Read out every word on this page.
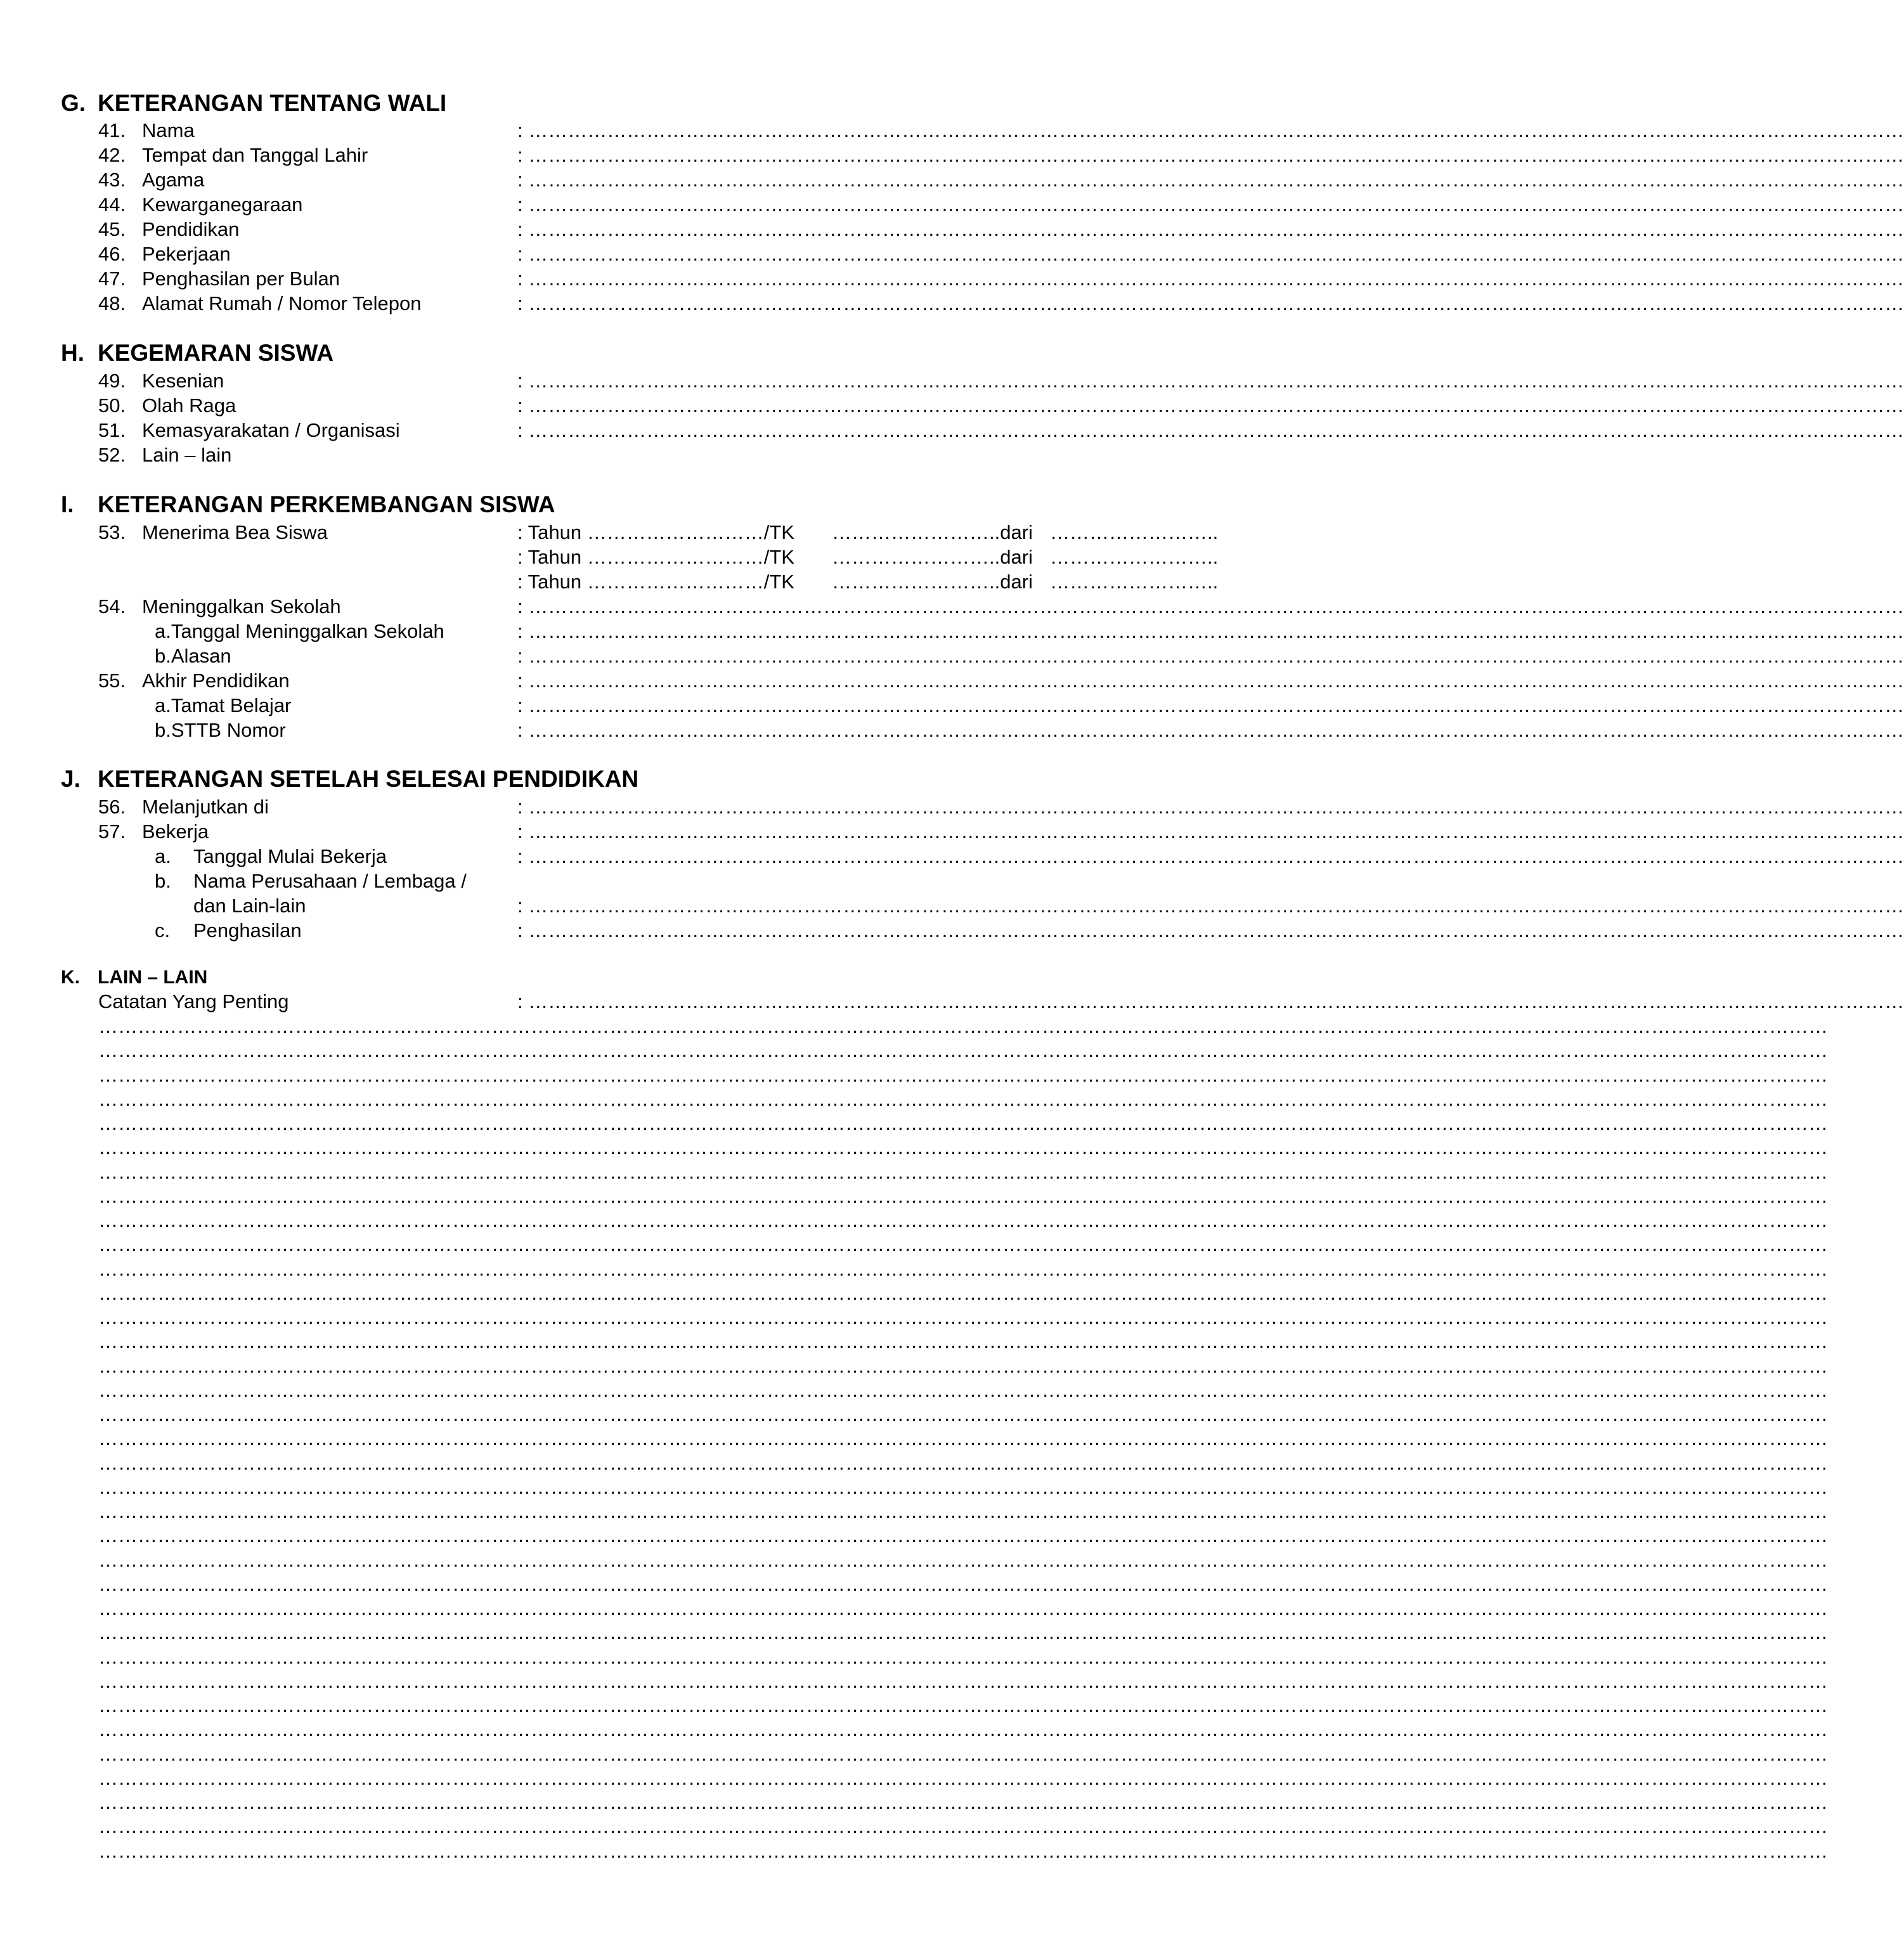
G. KETERANGAN TENTANG WALI
41. Nama	: …………………………………………………………………………………………………………………………………………………………………………………………
42. Tempat dan Tanggal Lahir	: …………………………………………………………………………………………………………………………………………………………………………………………
43. Agama	: …………………………………………………………………………………………………………………………………………………………………………………………
44. Kewarganegaraan	: …………………………………………………………………………………………………………………………………………………………………………………………
45. Pendidikan	: …………………………………………………………………………………………………………………………………………………………………………………………
46. Pekerjaan	: …………………………………………………………………………………………………………………………………………………………………………………………
47. Penghasilan per Bulan	: …………………………………………………………………………………………………………………………………………………………………………………………
48. Alamat Rumah / Nomor Telepon	: …………………………………………………………………………………………………………………………………………………………………………………………
H. KEGEMARAN SISWA
49. Kesenian	: …………………………………………………………………………………………………………………………………………………………………………………………
50. Olah Raga	: …………………………………………………………………………………………………………………………………………………………………………………………
51. Kemasyarakatan / Organisasi	: …………………………………………………………………………………………………………………………………………………………………………………………
52. Lain – lain
I. KETERANGAN PERKEMBANGAN SISWA
53. Menerima Bea Siswa	: Tahun ………………………/TK ……………………..dari ……………………..
: Tahun ………………………/TK ……………………..dari ……………………..
: Tahun ………………………/TK ……………………..dari ……………………..
54. Meninggalkan Sekolah	: …………………………………………………………………………………………………………………………………………………………………………………………
a.Tanggal Meninggalkan Sekolah	: …………………………………………………………………………………………………………………………………………………………………………………………
b.Alasan	: …………………………………………………………………………………………………………………………………………………………………………………………
55. Akhir Pendidikan	: …………………………………………………………………………………………………………………………………………………………………………………………
a.Tamat Belajar	: …………………………………………………………………………………………………………………………………………………………………………………………
b.STTB Nomor	: …………………………………………………………………………………………………………………………………………………………………………………………
J. KETERANGAN SETELAH SELESAI PENDIDIKAN
56. Melanjutkan di	: …………………………………………………………………………………………………………………………………………………………………………………………
57. Bekerja	: …………………………………………………………………………………………………………………………………………………………………………………………
a. Tanggal Mulai Bekerja	: …………………………………………………………………………………………………………………………………………………………………………………………
b. Nama Perusahaan / Lembaga /
dan Lain-lain	: …………………………………………………………………………………………………………………………………………………………………………………………
c. Penghasilan	: …………………………………………………………………………………………………………………………………………………………………………………………
K. LAIN – LAIN
Catatan Yang Penting	: …………………………………………………………………………………………………………………………………………………………………………………………
…………………………………………………………………………………………………………………………………………………………………………………………………………………………………………
…………………………………………………………………………………………………………………………………………………………………………………………………………………………………………
…………………………………………………………………………………………………………………………………………………………………………………………………………………………………………
…………………………………………………………………………………………………………………………………………………………………………………………………………………………………………
…………………………………………………………………………………………………………………………………………………………………………………………………………………………………………
…………………………………………………………………………………………………………………………………………………………………………………………………………………………………………
…………………………………………………………………………………………………………………………………………………………………………………………………………………………………………
…………………………………………………………………………………………………………………………………………………………………………………………………………………………………………
…………………………………………………………………………………………………………………………………………………………………………………………………………………………………………
…………………………………………………………………………………………………………………………………………………………………………………………………………………………………………
…………………………………………………………………………………………………………………………………………………………………………………………………………………………………………
…………………………………………………………………………………………………………………………………………………………………………………………………………………………………………
…………………………………………………………………………………………………………………………………………………………………………………………………………………………………………
…………………………………………………………………………………………………………………………………………………………………………………………………………………………………………
…………………………………………………………………………………………………………………………………………………………………………………………………………………………………………
…………………………………………………………………………………………………………………………………………………………………………………………………………………………………………
…………………………………………………………………………………………………………………………………………………………………………………………………………………………………………
…………………………………………………………………………………………………………………………………………………………………………………………………………………………………………
…………………………………………………………………………………………………………………………………………………………………………………………………………………………………………
…………………………………………………………………………………………………………………………………………………………………………………………………………………………………………
…………………………………………………………………………………………………………………………………………………………………………………………………………………………………………
…………………………………………………………………………………………………………………………………………………………………………………………………………………………………………
…………………………………………………………………………………………………………………………………………………………………………………………………………………………………………
…………………………………………………………………………………………………………………………………………………………………………………………………………………………………………
…………………………………………………………………………………………………………………………………………………………………………………………………………………………………………
…………………………………………………………………………………………………………………………………………………………………………………………………………………………………………
…………………………………………………………………………………………………………………………………………………………………………………………………………………………………………
…………………………………………………………………………………………………………………………………………………………………………………………………………………………………………
…………………………………………………………………………………………………………………………………………………………………………………………………………………………………………
…………………………………………………………………………………………………………………………………………………………………………………………………………………………………………
…………………………………………………………………………………………………………………………………………………………………………………………………………………………………………
…………………………………………………………………………………………………………………………………………………………………………………………………………………………………………
…………………………………………………………………………………………………………………………………………………………………………………………………………………………………………
…………………………………………………………………………………………………………………………………………………………………………………………………………………………………………
…………………………………………………………………………………………………………………………………………………………………………………………………………………………………………
